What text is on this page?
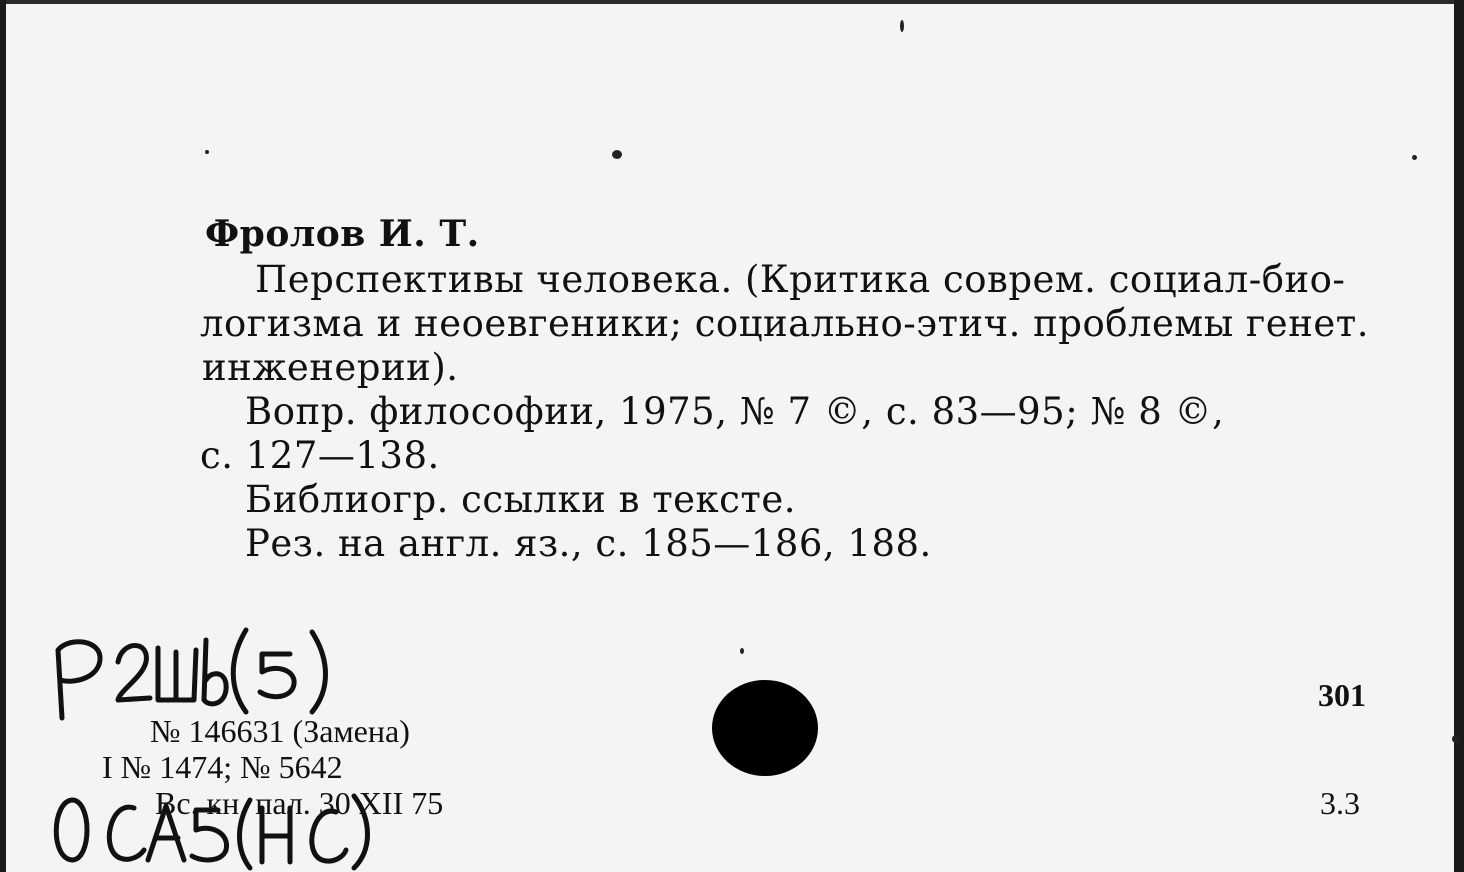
Фролов И. Т.
Перспективы человека. (Критика соврем. социал-био-
логизма и неоевгеники; социально-этич. проблемы генет.
инженерии).
Вопр. философии, 1975, № 7 ©, с. 83—95; № 8 ©,
с. 127—138.
Библиогр. ссылки в тексте.
Рез. на англ. яз., с. 185—186, 188.
№ 146631 (Замена)
I № 1474; № 5642
Вс. кн. пал. 30 XII 75
301
3.3
